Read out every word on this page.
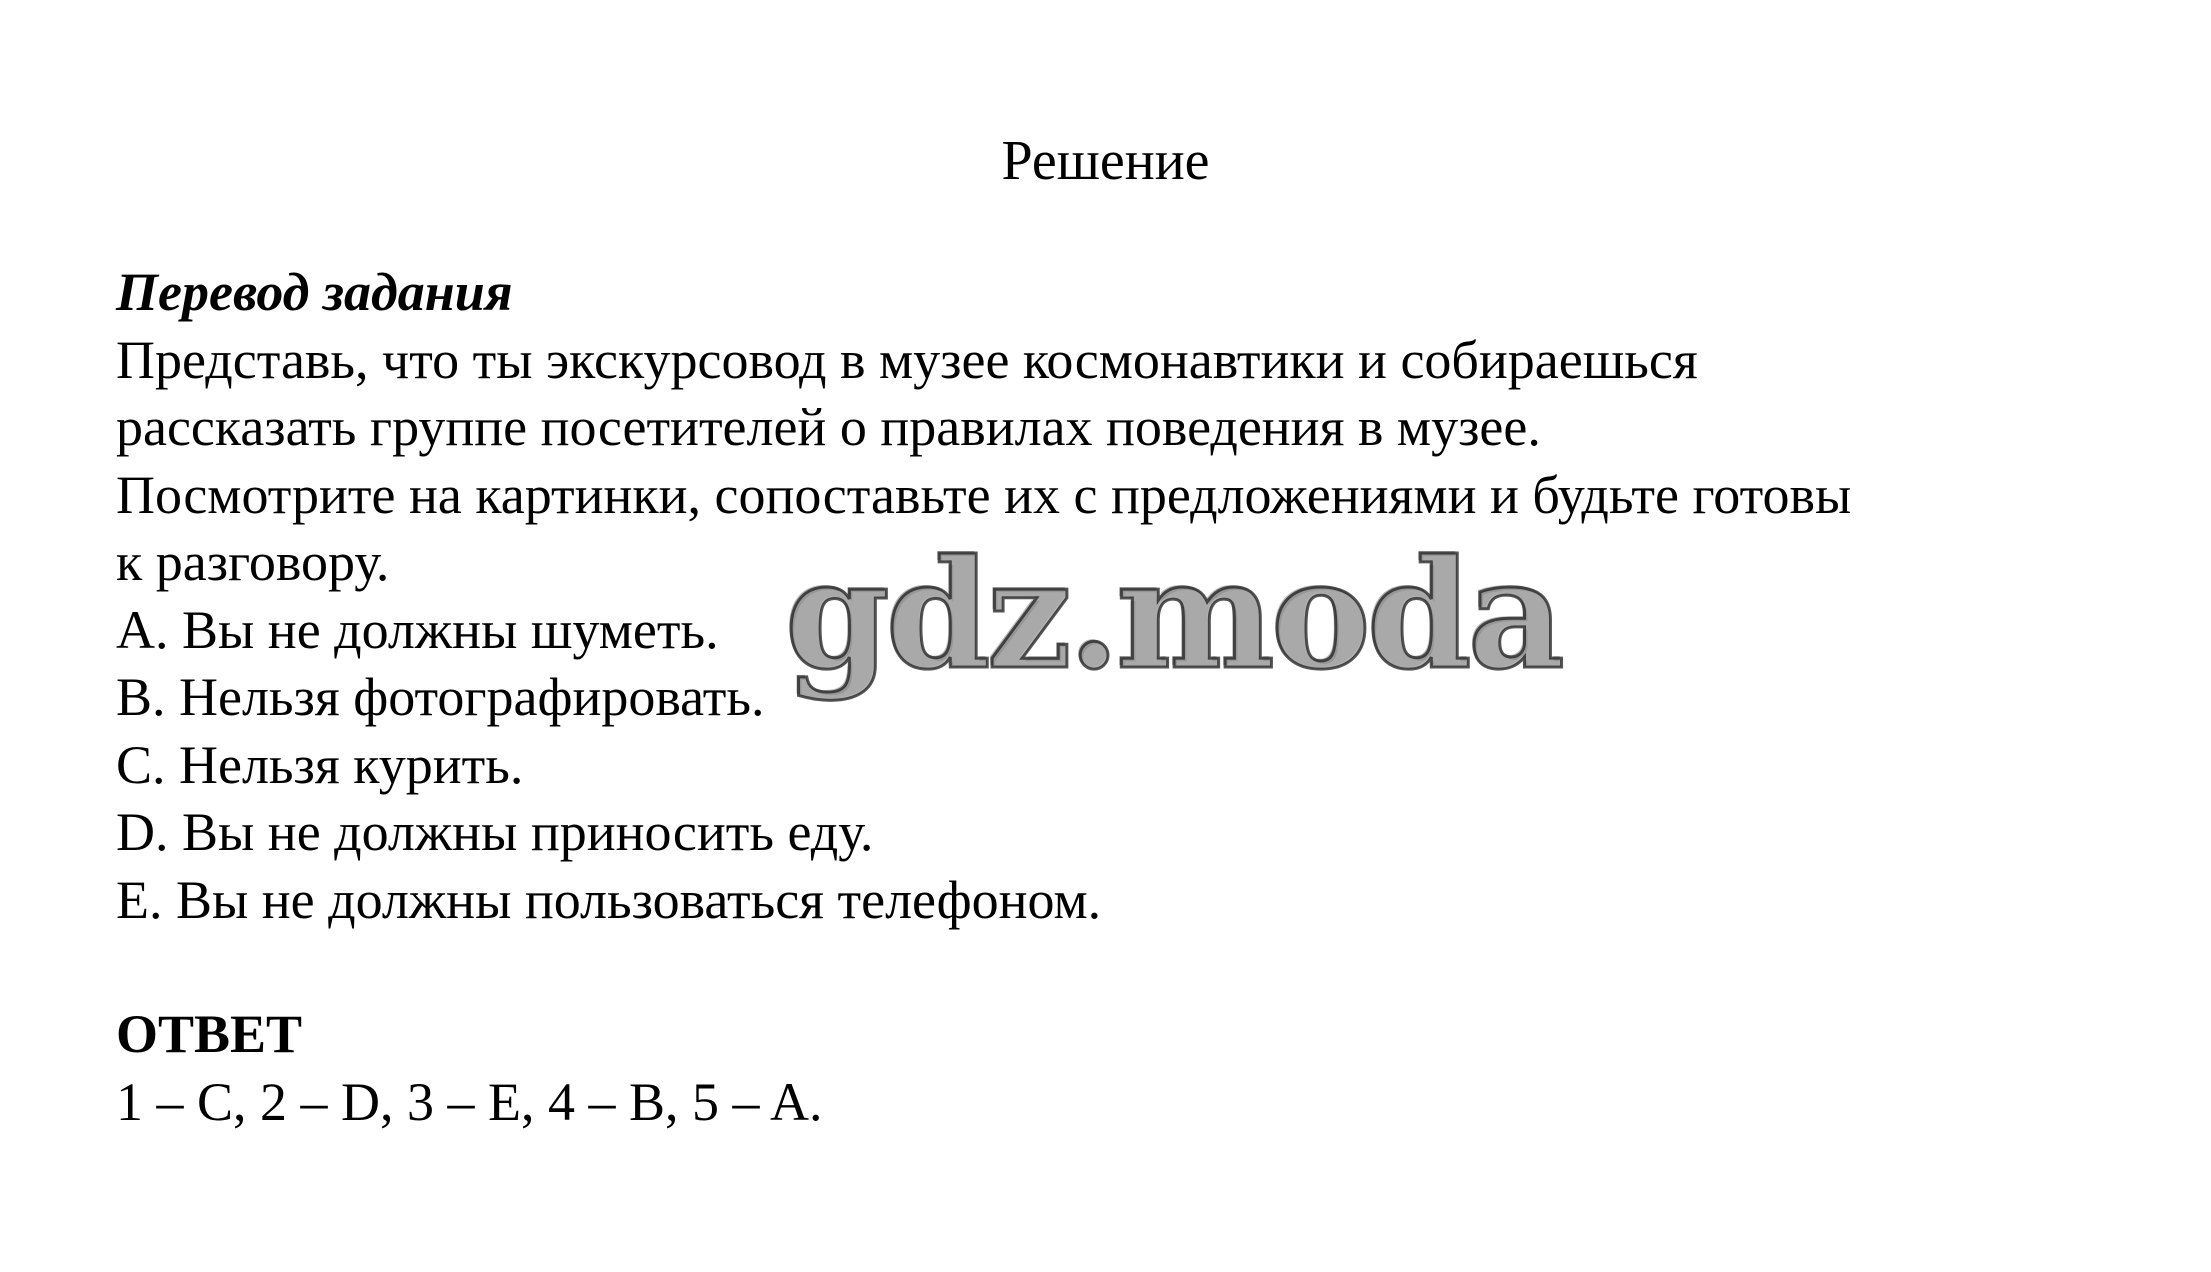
Решение
Перевод задания
Представь, что ты экскурсовод в музее космонавтики и собираешься
рассказать группе посетителей о правилах поведения в музее.
Посмотрите на картинки, сопоставьте их с предложениями и будьте готовы
к разговору.
A. Вы не должны шуметь.
B. Нельзя фотографировать.
C. Нельзя курить.
D. Вы не должны приносить еду.
E. Вы не должны пользоваться телефоном.
ОТВЕТ
1 – C, 2 – D, 3 – E, 4 – B, 5 – A.
gdz.moda
